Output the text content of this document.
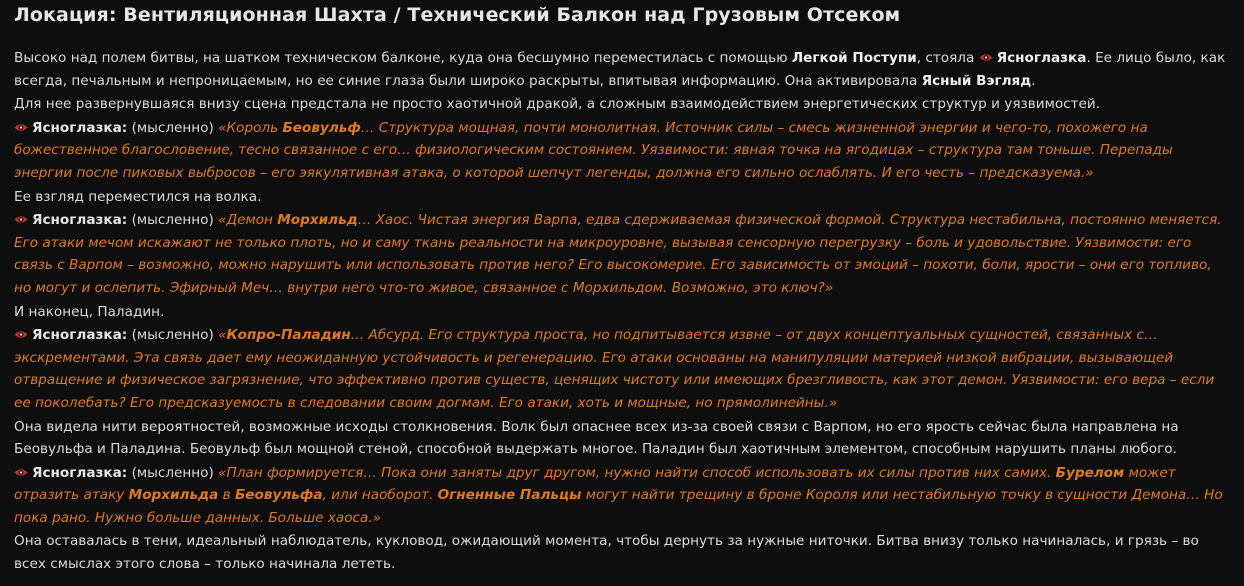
Локация: Вентиляционная Шахта / Технический Балкон над Грузовым Отсеком

Высоко над полем битвы, на шатком техническом балконе, куда она бесшумно переместилась с помощью Легкой Поступи, стояла Ясноглазка. Ее лицо было, как всегда, печальным и непроницаемым, но ее синие глаза были широко раскрыты, впитывая информацию. Она активировала Ясный Вэгляд.

Для нее развернувшаяся внизу сцена предстала не просто хаотичной дракой, а сложным взаимодействием энергетических структур и уязвимостей.

Ясноглазка: (мысленно) «Король Беовульф… Структура мощная, почти монолитная. Источник силы – смесь жизненной энергии и чего-то, похожего на божественное благословение, тесно связанное с его… физиологическим состоянием. Уязвимости: явная точка на ягодицах – структура там тоньше. Перепады энергии после пиковых выбросов – его эякулятивная атака, о которой шепчут легенды, должна его сильно ослаблять. И его честь – предсказуема.»

Ее взгляд переместился на волка.

Ясноглазка: (мысленно) «Демон Морхильд… Хаос. Чистая энергия Варпа, едва сдерживаемая физической формой. Структура нестабильна, постоянно меняется. Его атаки мечом искажают не только плоть, но и саму ткань реальности на микроуровне, вызывая сенсорную перегрузку – боль и удовольствие. Уязвимости: его связь с Варпом – возможно, можно нарушить или использовать против него? Его высокомерие. Его зависимость от эмоций – похоти, боли, ярости – они его топливо, но могут и ослепить. Эфирный Меч… внутри него что-то живое, связанное с Морхильдом. Возможно, это ключ?»

И наконец, Паладин.

Ясноглазка: (мысленно) «Копро-Паладин… Абсурд. Его структура проста, но подпитывается извне – от двух концептуальных сущностей, связанных с… экскрементами. Эта связь дает ему неожиданную устойчивость и регенерацию. Его атаки основаны на манипуляции материей низкой вибрации, вызывающей отвращение и физическое загрязнение, что эффективно против существ, ценящих чистоту или имеющих брезгливость, как этот демон. Уязвимости: его вера – если ее поколебать? Его предсказуемость в следовании своим догмам. Его атаки, хоть и мощные, но прямолинейны.»

Она видела нити вероятностей, возможные исходы столкновения. Волк был опаснее всех из-за своей связи с Варпом, но его ярость сейчас была направлена на Беовульфа и Паладина. Беовульф был мощной стеной, способной выдержать многое. Паладин был хаотичным элементом, способным нарушить планы любого.

Ясноглазка: (мысленно) «План формируется… Пока они заняты друг другом, нужно найти способ использовать их силы против них самих. Бурелом может отразить атаку Морхильда в Беовульфа, или наоборот. Огненные Пальцы могут найти трещину в броне Короля или нестабильную точку в сущности Демона… Но пока рано. Нужно больше данных. Больше хаоса.»

Она оставалась в тени, идеальный наблюдатель, кукловод, ожидающий момента, чтобы дернуть за нужные ниточки. Битва внизу только начиналась, и грязь – во всех смыслах этого слова – только начинала лететь.
